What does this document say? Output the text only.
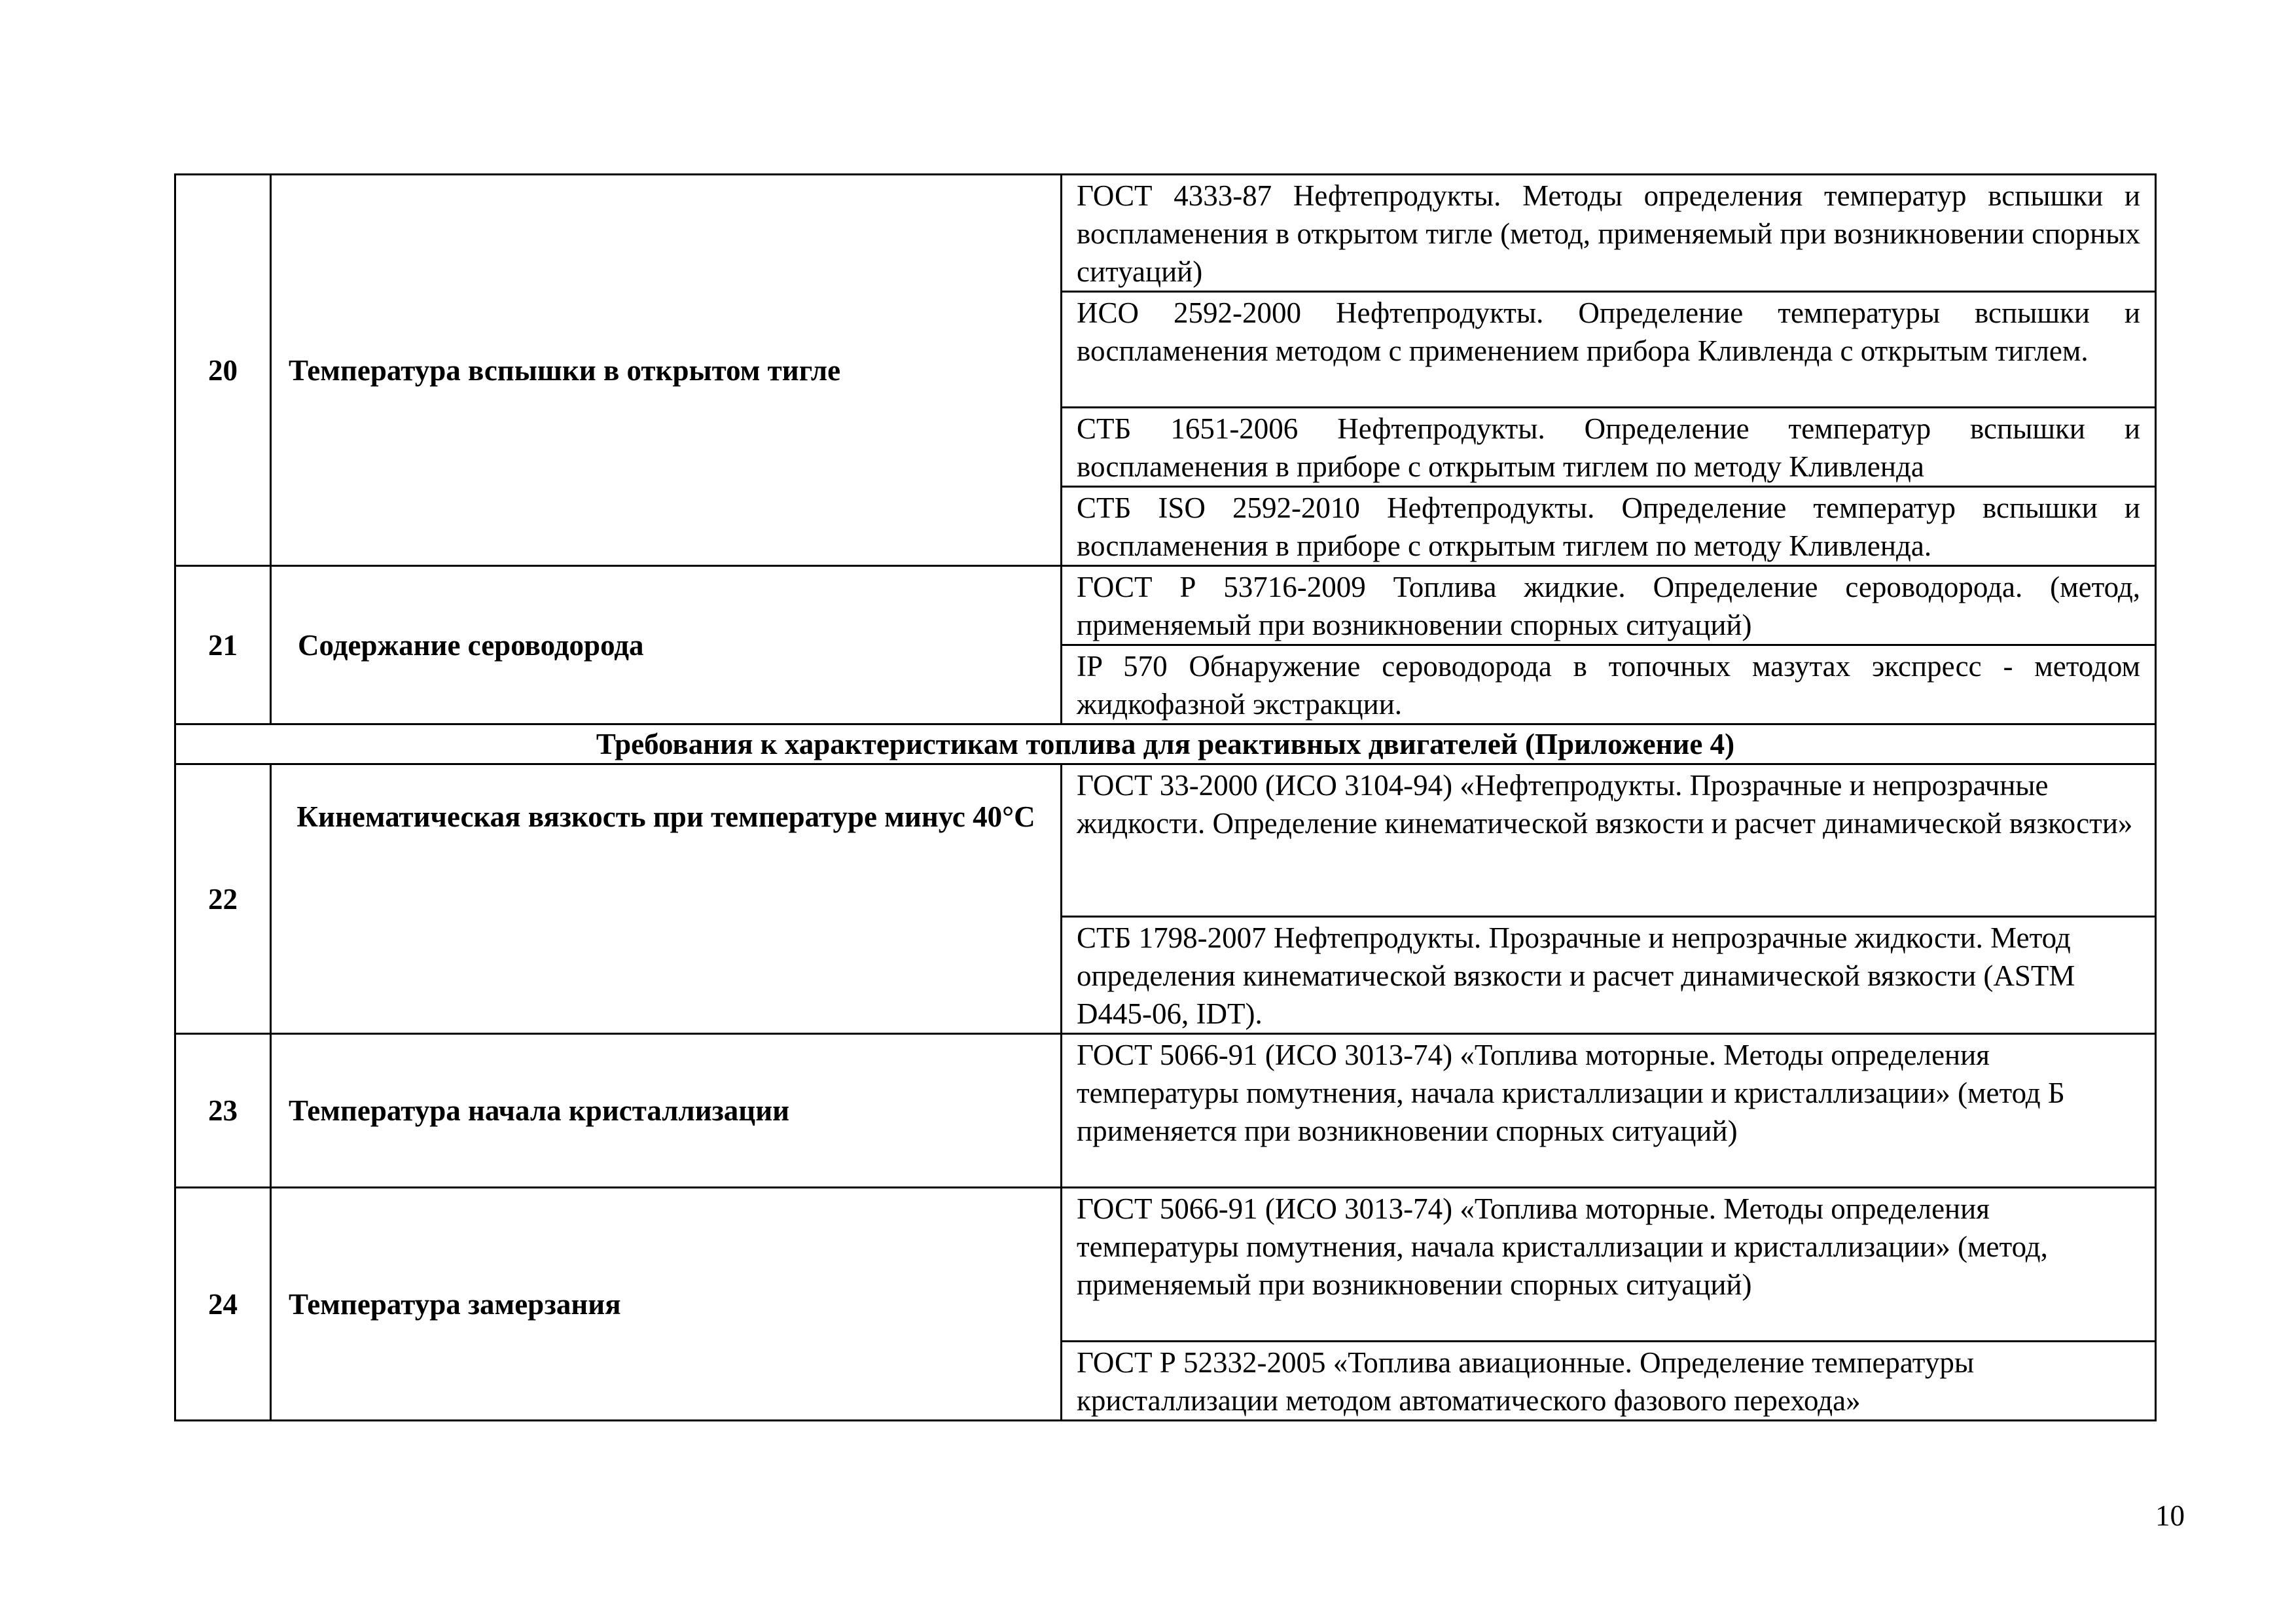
20	Температура вспышки в открытом тигле	ГОСТ 4333-87 Нефтепродукты. Методы определения температур вспышки и воспламенения в открытом тигле (метод, применяемый при возникновении спорных ситуаций)
		ИСО 2592-2000 Нефтепродукты. Определение температуры вспышки и воспламенения методом с применением прибора Кливленда с открытым тиглем.
		СТБ 1651-2006 Нефтепродукты. Определение температур вспышки и воспламенения в приборе с открытым тиглем по методу Кливленда
		СТБ ISO 2592-2010 Нефтепродукты. Определение температур вспышки и воспламенения в приборе с открытым тиглем по методу Кливленда.
21	Содержание сероводорода	ГОСТ Р 53716-2009 Топлива жидкие. Определение сероводорода. (метод, применяемый при возникновении спорных ситуаций)
		IP 570 Обнаружение сероводорода в топочных мазутах экспресс - методом жидкофазной экстракции.
Требования к характеристикам топлива для реактивных двигателей (Приложение 4)		
22	Кинематическая вязкость при температуре минус 40°С	ГОСТ 33-2000 (ИСО 3104-94) «Нефтепродукты. Прозрачные и непрозрачные жидкости. Определение кинематической вязкости и расчет динамической вязкости»
		СТБ 1798-2007 Нефтепродукты. Прозрачные и непрозрачные жидкости. Метод определения кинематической вязкости и расчет динамической вязкости (ASTM D445-06, IDT).
23	Температура начала кристаллизации	ГОСТ 5066-91 (ИСО 3013-74) «Топлива моторные. Методы определения температуры помутнения, начала кристаллизации и кристаллизации» (метод Б применяется при возникновении спорных ситуаций)
24	Температура замерзания	ГОСТ 5066-91 (ИСО 3013-74) «Топлива моторные. Методы определения температуры помутнения, начала кристаллизации и кристаллизации» (метод, применяемый при возникновении спорных ситуаций)
		ГОСТ Р 52332-2005 «Топлива авиационные. Определение температуры кристаллизации методом автоматического фазового перехода»
10
